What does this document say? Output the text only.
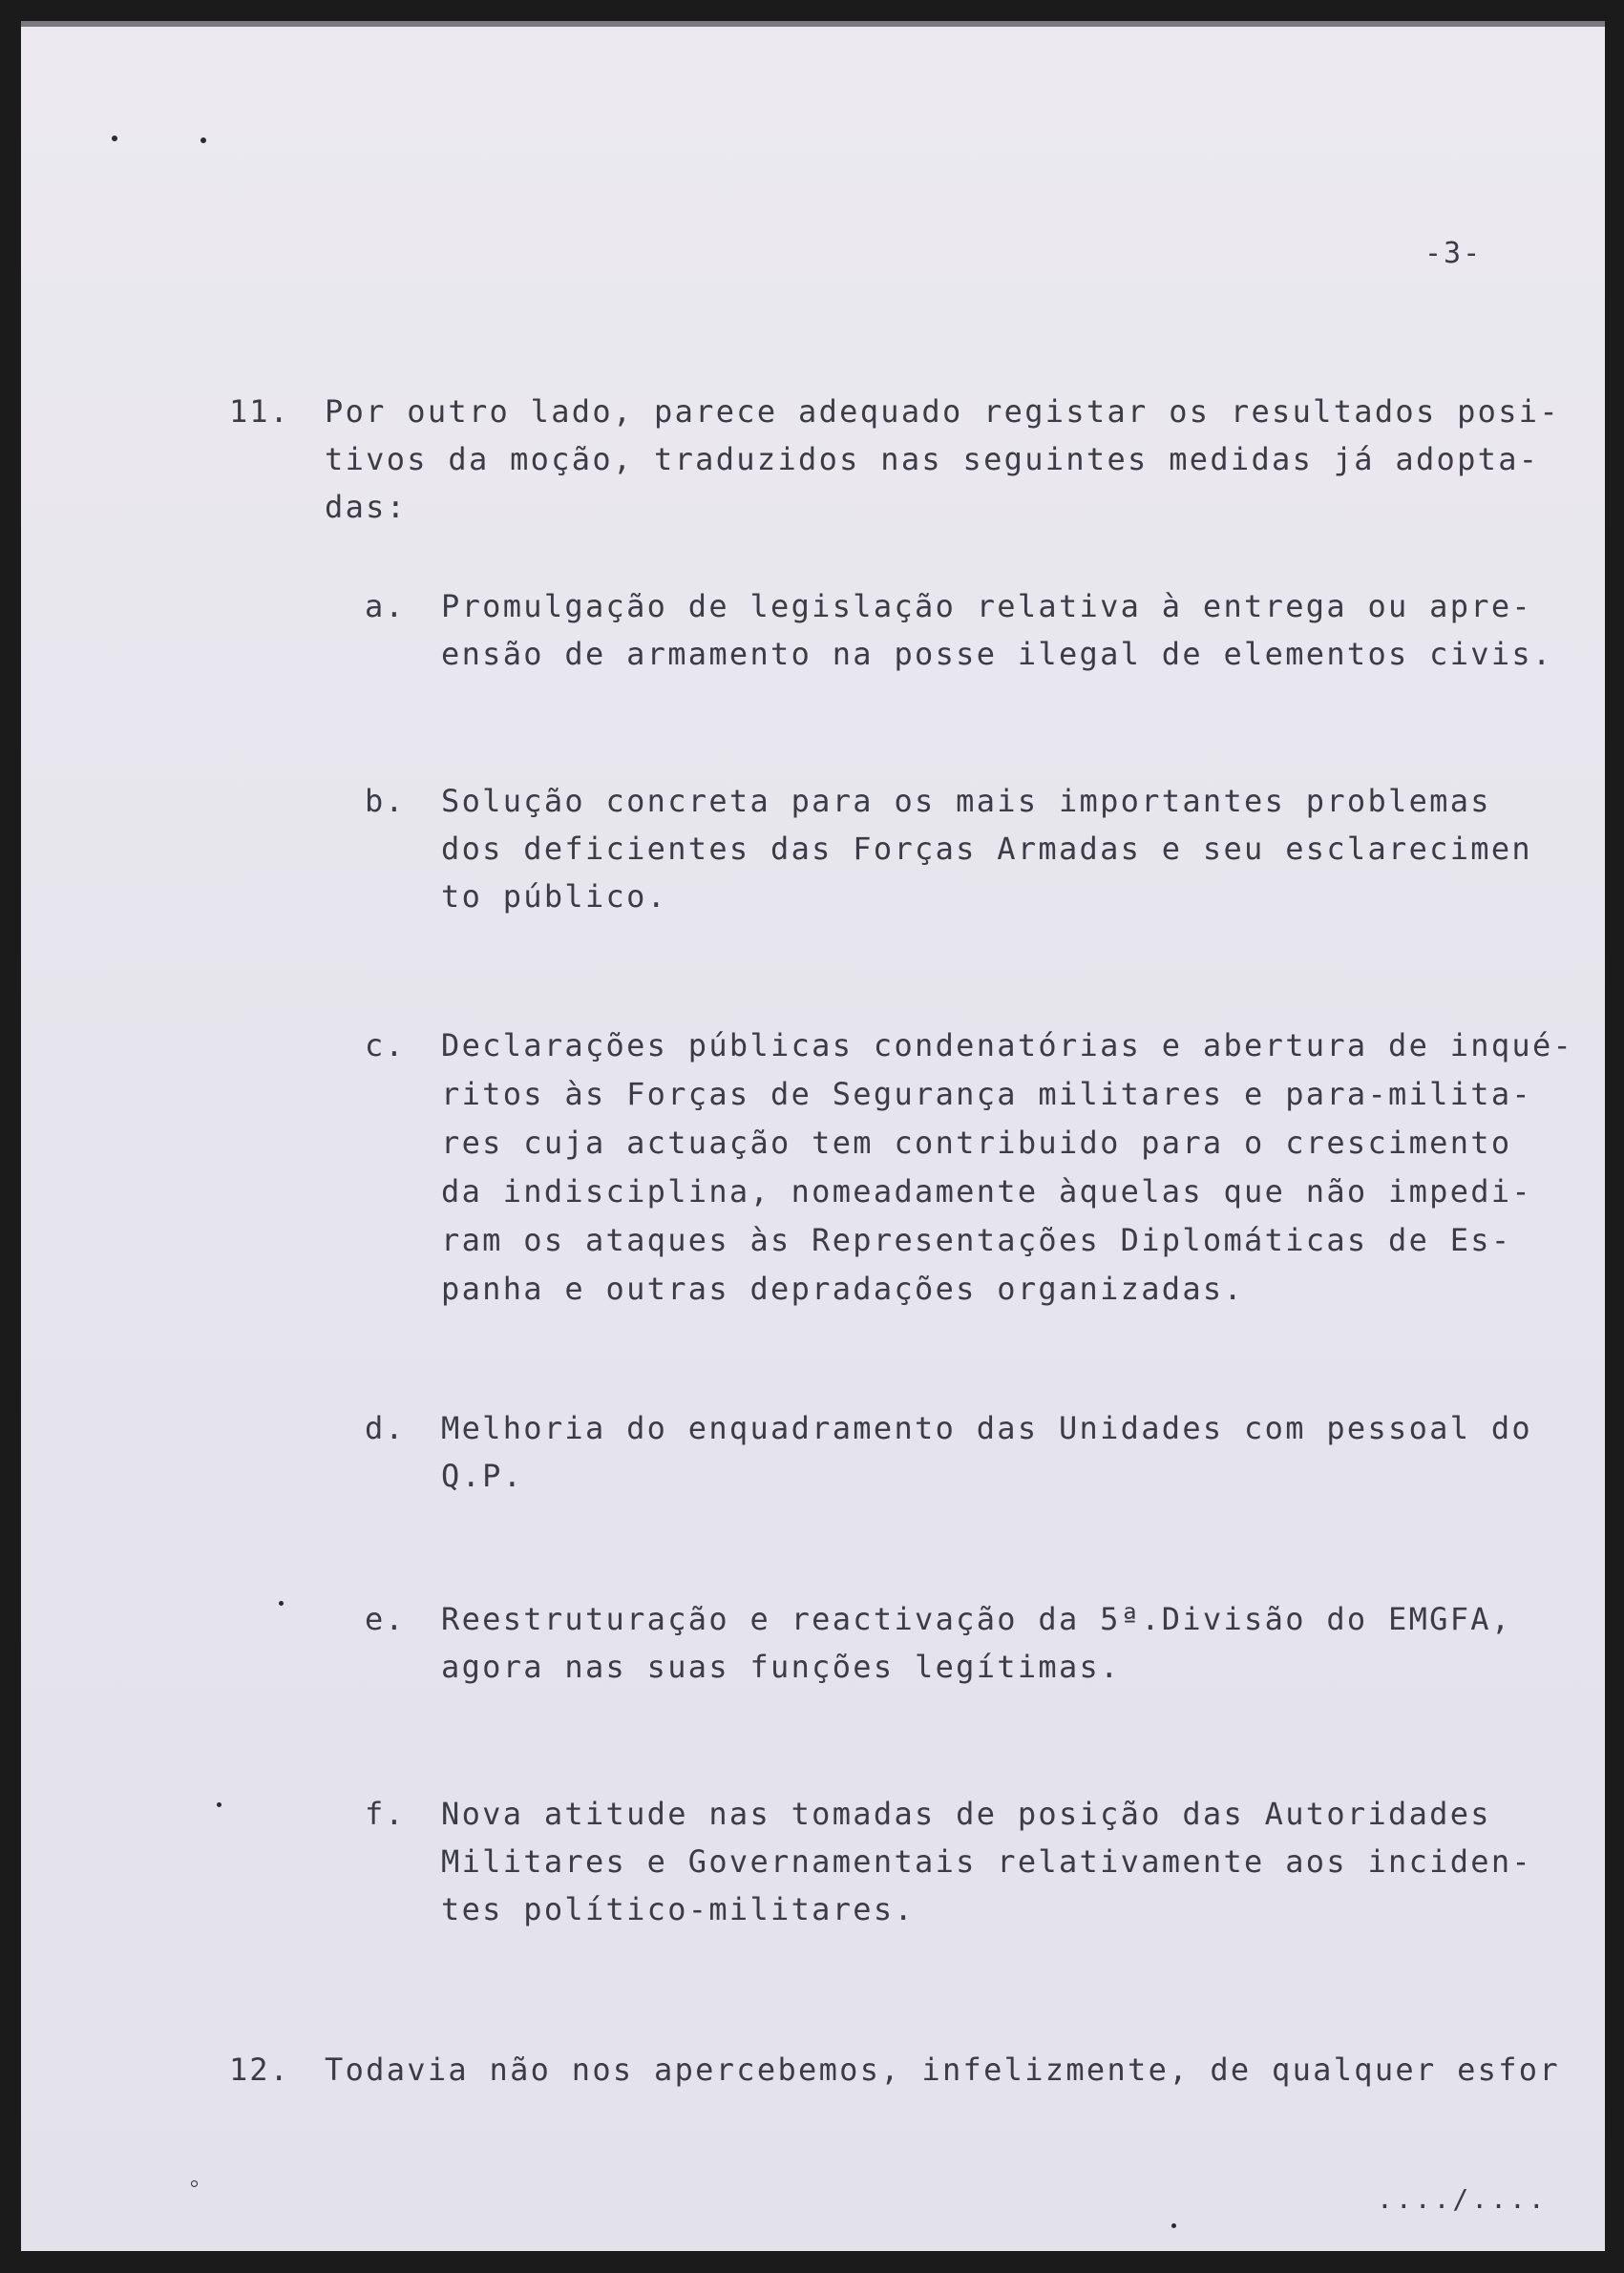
-3-
11. Por outro lado, parece adequado registar os resultados posi-
tivos da moção, traduzidos nas seguintes medidas já adopta-
das:
a. Promulgação de legislação relativa à entrega ou apre-
ensão de armamento na posse ilegal de elementos civis.
b. Solução concreta para os mais importantes problemas
dos deficientes das Forças Armadas e seu esclarecimen
to público.
c. Declarações públicas condenatórias e abertura de inqué-
ritos às Forças de Segurança militares e para-milita-
res cuja actuação tem contribuido para o crescimento
da indisciplina, nomeadamente àquelas que não impedi-
ram os ataques às Representações Diplomáticas de Es-
panha e outras depradações organizadas.
d. Melhoria do enquadramento das Unidades com pessoal do
Q.P.
e. Reestruturação e reactivação da 5ª.Divisão do EMGFA,
agora nas suas funções legítimas.
f. Nova atitude nas tomadas de posição das Autoridades
Militares e Governamentais relativamente aos inciden-
tes político-militares.
12. Todavia não nos apercebemos, infelizmente, de qualquer esfor
..../....
